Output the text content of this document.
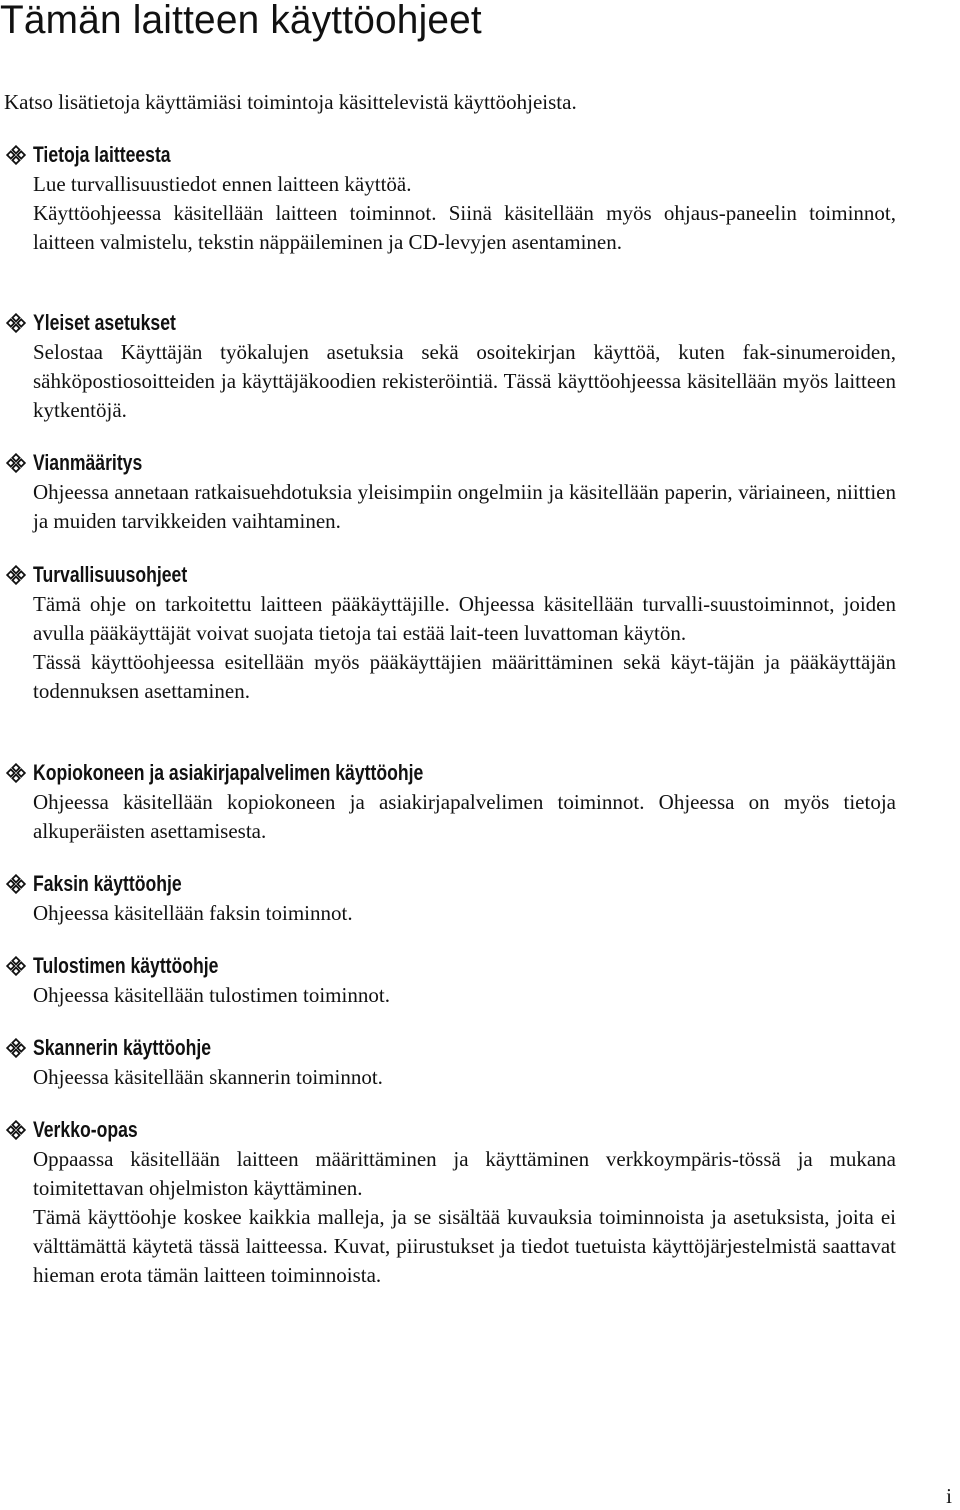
Tämän laitteen käyttöohjeet

Katso lisätietoja käyttämiäsi toimintoja käsittelevistä käyttöohjeista.

Tietoja laitteesta

Lue turvallisuustiedot ennen laitteen käyttöä.

Käyttöohjeessa käsitellään laitteen toiminnot. Siinä käsitellään myös ohjaus-paneelin toiminnot, laitteen valmistelu, tekstin näppäileminen ja CD-levyjen asentaminen.

Yleiset asetukset

Selostaa Käyttäjän työkalujen asetuksia sekä osoitekirjan käyttöä, kuten fak-sinumeroiden, sähköpostiosoitteiden ja käyttäjäkoodien rekisteröintiä. Tässä käyttöohjeessa käsitellään myös laitteen kytkentöjä.

Vianmääritys

Ohjeessa annetaan ratkaisuehdotuksia yleisimpiin ongelmiin ja käsitellään paperin, väriaineen, niittien ja muiden tarvikkeiden vaihtaminen.

Turvallisuusohjeet

Tämä ohje on tarkoitettu laitteen pääkäyttäjille. Ohjeessa käsitellään turvalli-suustoiminnot, joiden avulla pääkäyttäjät voivat suojata tietoja tai estää lait-teen luvattoman käytön.

Tässä käyttöohjeessa esitellään myös pääkäyttäjien määrittäminen sekä käyt-täjän ja pääkäyttäjän todennuksen asettaminen.

Kopiokoneen ja asiakirjapalvelimen käyttöohje

Ohjeessa käsitellään kopiokoneen ja asiakirjapalvelimen toiminnot. Ohjeessa on myös tietoja alkuperäisten asettamisesta.

Faksin käyttöohje

Ohjeessa käsitellään faksin toiminnot.

Tulostimen käyttöohje

Ohjeessa käsitellään tulostimen toiminnot.

Skannerin käyttöohje

Ohjeessa käsitellään skannerin toiminnot.

Verkko-opas

Oppaassa käsitellään laitteen määrittäminen ja käyttäminen verkkoympäris-tössä ja mukana toimitettavan ohjelmiston käyttäminen.

Tämä käyttöohje koskee kaikkia malleja, ja se sisältää kuvauksia toiminnoista ja asetuksista, joita ei välttämättä käytetä tässä laitteessa. Kuvat, piirustukset ja tiedot tuetuista käyttöjärjestelmistä saattavat hieman erota tämän laitteen toiminnoista.

i
